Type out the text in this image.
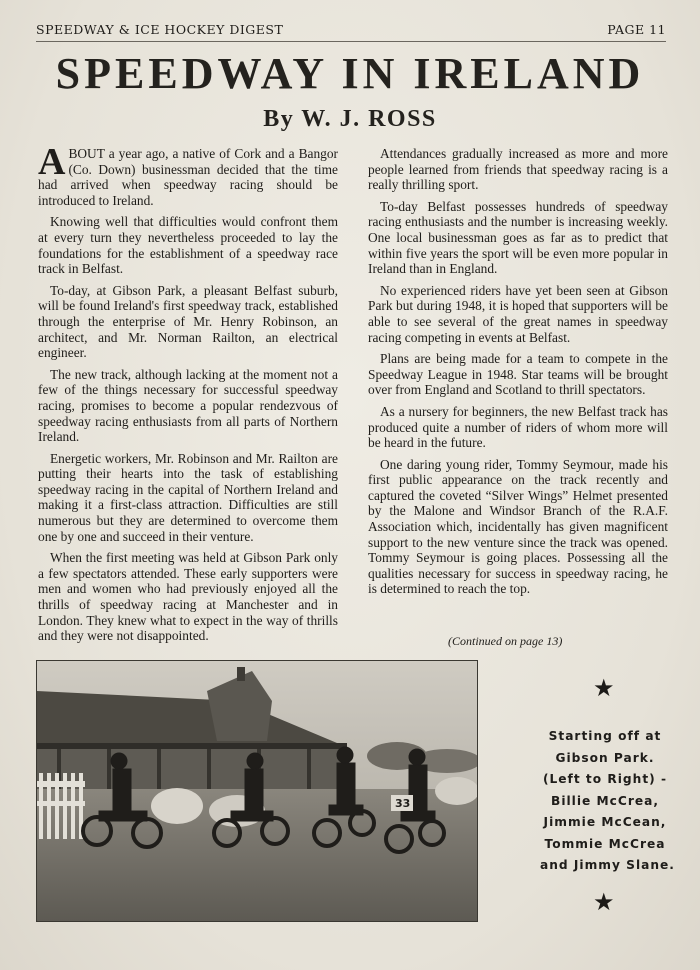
SPEEDWAY & ICE HOCKEY DIGEST	PAGE 11
SPEEDWAY IN IRELAND
By W. J. ROSS

ABOUT a year ago, a native of Cork and a Bangor (Co. Down) businessman decided that the time had arrived when speedway racing should be introduced to Ireland.

Knowing well that difficulties would confront them at every turn they nevertheless proceeded to lay the foundations for the establishment of a speedway race track in Belfast.

To-day, at Gibson Park, a pleasant Belfast suburb, will be found Ireland's first speedway track, established through the enterprise of Mr. Henry Robinson, an architect, and Mr. Norman Railton, an electrical engineer.

The new track, although lacking at the moment not a few of the things necessary for successful speedway racing, promises to become a popular rendezvous of speedway racing enthusiasts from all parts of Northern Ireland.

Energetic workers, Mr. Robinson and Mr. Railton are putting their hearts into the task of establishing speedway racing in the capital of Northern Ireland and making it a first-class attraction. Difficulties are still numerous but they are determined to overcome them one by one and succeed in their venture.

When the first meeting was held at Gibson Park only a few spectators attended. These early supporters were men and women who had previously enjoyed all the thrills of speedway racing at Manchester and in London. They knew what to expect in the way of thrills and they were not disappointed.

Attendances gradually increased as more and more people learned from friends that speedway racing is a really thrilling sport.

To-day Belfast possesses hundreds of speedway racing enthusiasts and the number is increasing weekly. One local businessman goes as far as to predict that within five years the sport will be even more popular in Ireland than in England.

No experienced riders have yet been seen at Gibson Park but during 1948, it is hoped that supporters will be able to see several of the great names in speedway racing competing in events at Belfast.

Plans are being made for a team to compete in the Speedway League in 1948. Star teams will be brought over from England and Scotland to thrill spectators.

As a nursery for beginners, the new Belfast track has produced quite a number of riders of whom more will be heard in the future.

One daring young rider, Tommy Seymour, made his first public appearance on the track recently and captured the coveted “Silver Wings” Helmet presented by the Malone and Windsor Branch of the R.A.F. Association which, incidentally has given magnificent support to the new venture since the track was opened. Tommy Seymour is going places. Possessing all the qualities necessary for success in speedway racing, he is determined to reach the top.

(Continued on page 13)
33
★
Starting off at
Gibson Park.
(Left to Right) -
Billie McCrea,
Jimmie McCean,
Tommie McCrea
and Jimmy Slane.
★
